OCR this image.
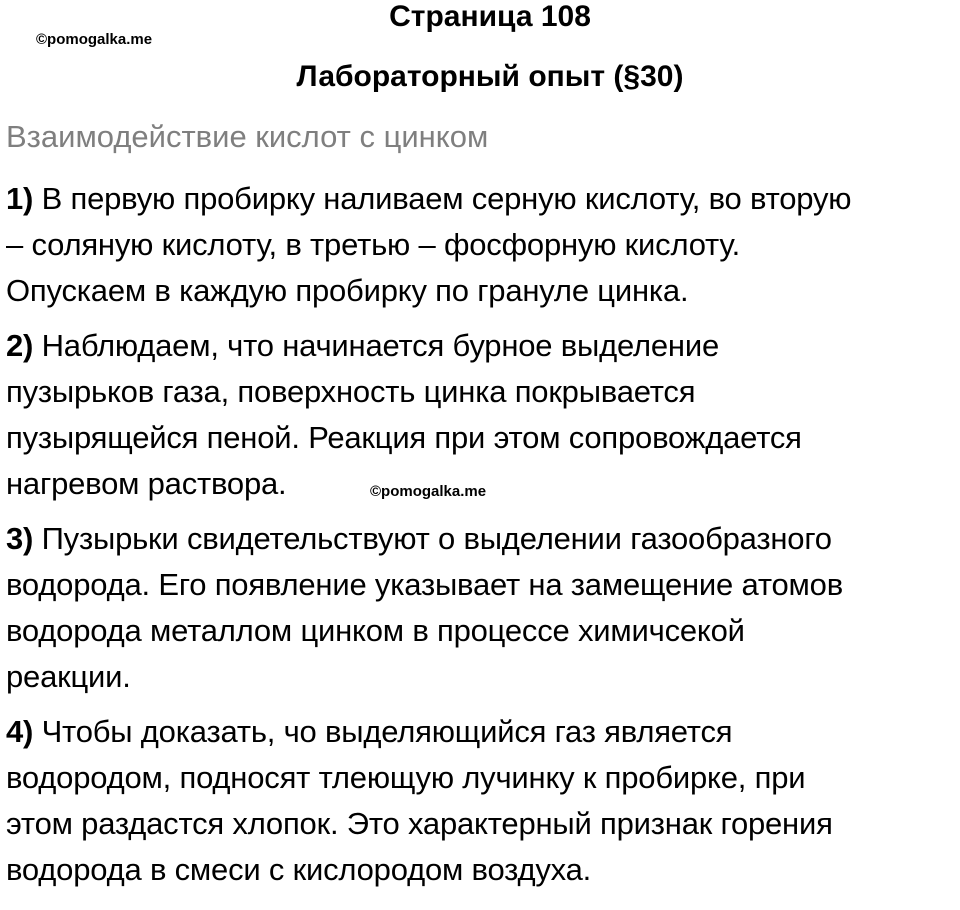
©pomogalka.me
Страница 108
Лабораторный опыт (§30)

Взаимодействие кислот с цинком

1) В первую пробирку наливаем серную кислоту, во вторую
– соляную кислоту, в третью – фосфорную кислоту.
Опускаем в каждую пробирку по грануле цинка.

2) Наблюдаем, что начинается бурное выделение
пузырьков газа, поверхность цинка покрывается
пузырящейся пеной. Реакция при этом сопровождается
нагревом раствора.

3) Пузырьки свидетельствуют о выделении газообразного
водорода. Его появление указывает на замещение атомов
водорода металлом цинком в процессе химичсекой
реакции.

4) Чтобы доказать, чо выделяющийся газ является
водородом, подносят тлеющую лучинку к пробирке, при
этом раздастся хлопок. Это характерный признак горения
водорода в смеси с кислородом воздуха.

©pomogalka.me
